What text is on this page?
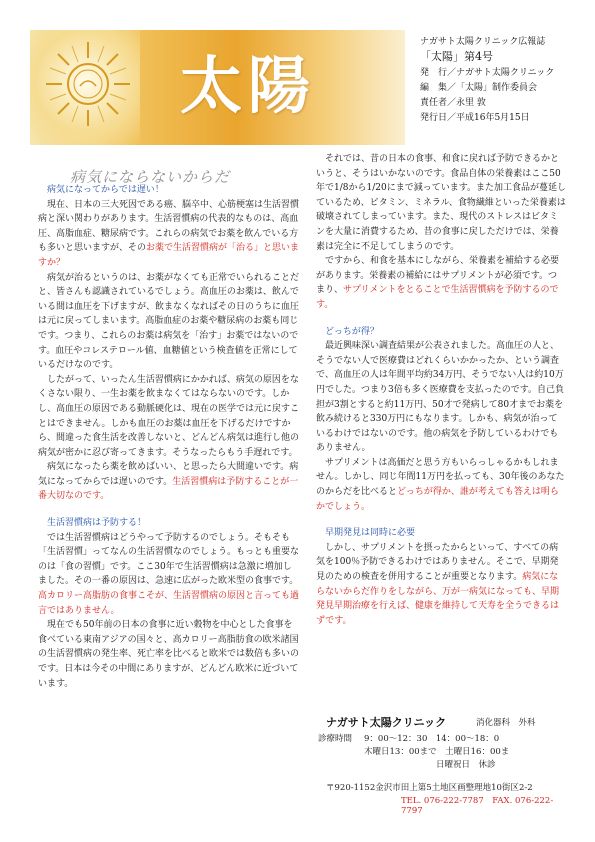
太陽
ナガサト太陽クリニック広報誌
「太陽」第4号
発　行／ナガサト太陽クリニック
編　集／「太陽」制作委員会
責任者／永里 敦
発行日／平成16年5月15日
病気にならないからだ

病気になってからでは遅い！

現在、日本の三大死因である癌、脳卒中、心筋梗塞は生活習慣病と深い関わりがあります。生活習慣病の代表的なものは、高血圧、高脂血症、糖尿病です。これらの病気でお薬を飲んでいる方も多いと思いますが、そのお薬で生活習慣病が「治る」と思いますか？

病気が治るというのは、お薬がなくても正常でいられることだと、皆さんも認識されているでしょう。高血圧のお薬は、飲んでいる間は血圧を下げますが、飲まなくなればその日のうちに血圧は元に戻ってしまいます。高脂血症のお薬や糖尿病のお薬も同じです。つまり、これらのお薬は病気を「治す」お薬ではないのです。血圧やコレステロール値、血糖値という検査値を正常にしているだけなのです。

したがって、いったん生活習慣病にかかれば、病気の原因をなくさない限り、一生お薬を飲まなくてはならないのです。しかし、高血圧の原因である動脈硬化は、現在の医学では元に戻すことはできません。しかも血圧のお薬は血圧を下げるだけですから、間違った食生活を改善しないと、どんどん病気は進行し他の病気が密かに忍び寄ってきます。そうなったらもう手遅れです。

病気になったら薬を飲めばいい、と思ったら大間違いです。病気になってからでは遅いのです。生活習慣病は予防することが一番大切なのです。

生活習慣病は予防する！

では生活習慣病はどうやって予防するのでしょう。そもそも「生活習慣」ってなんの生活習慣なのでしょう。もっとも重要なのは「食の習慣」です。ここ30年で生活習慣病は急激に増加しました。その一番の原因は、急速に広がった欧米型の食事です。高カロリー高脂肪の食事こそが、生活習慣病の原因と言っても過言ではありません。

現在でも50年前の日本の食事に近い穀物を中心とした食事を食べている東南アジアの国々と、高カロリー高脂肪食の欧米諸国の生活習慣病の発生率、死亡率を比べると欧米では数倍も多いのです。日本は今その中間にありますが、どんどん欧米に近づいています。

それでは、昔の日本の食事、和食に戻れば予防できるかというと、そうはいかないのです。食品自体の栄養素はここ50年で1/8から1/20にまで減っています。また加工食品が蔓延しているため、ビタミン、ミネラル、食物繊維といった栄養素は破壊されてしまっています。また、現代のストレスはビタミンを大量に消費するため、昔の食事に戻しただけでは、栄養素は完全に不足してしまうのです。

ですから、和食を基本にしながら、栄養素を補給する必要があります。栄養素の補給にはサプリメントが必須です。つまり、サプリメントをとることで生活習慣病を予防するのです。

どっちが得？

最近興味深い調査結果が公表されました。高血圧の人と、そうでない人で医療費はどれくらいかかったか、という調査で、高血圧の人は年間平均約34万円、そうでない人は約10万円でした。つまり3倍も多く医療費を支払ったのです。自己負担が3割とすると約11万円、50才で発病して80才までお薬を飲み続けると330万円にもなります。しかも、病気が治っているわけではないのです。他の病気を予防しているわけでもありません。

サプリメントは高価だと思う方もいらっしゃるかもしれません。しかし、同じ年間11万円を払っても、30年後のあなたのからだを比べるとどっちが得か、誰が考えても答えは明らかでしょう。

早期発見は同時に必要

しかし、サプリメントを摂ったからといって、すべての病気を100％予防できるわけではありません。そこで、早期発見のための検査を併用することが重要となります。病気にならないからだ作りをしながら、万が一病気になっても、早期発見早期治療を行えば、健康を維持して天寿を全うできるはずです。

ナガサト太陽クリニック	消化器科　外科
診療時間 9：00～12：30　14：00～18：0
木曜日13：00まで　土曜日16：00ま
日曜祝日　休診
〒920-1152金沢市田上第5土地区画整理地10街区2-2
TEL. 076-222-7787　FAX. 076-222-7797
